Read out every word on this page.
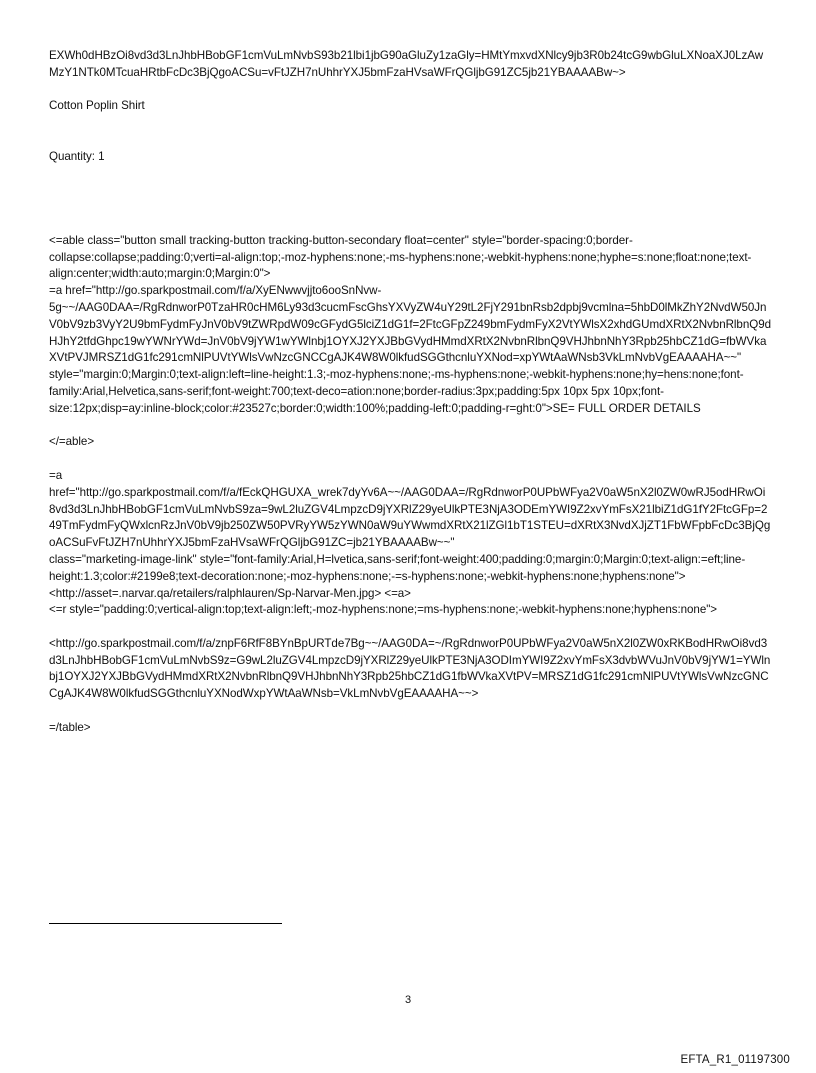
EXWh0dHBzOi8vd3d3LnJhbHBobGF1cmVuLmNvbS93b21lbi1jbG90aGluZy1zaGly=HMtYmxvdXNlcy9jb3R0b24tcG9wbGluLXNoaXJ0LzAwMzY1NTk0MTcuaHRtbFcDc3BjQgoACSu=vFtJZH7nUhhrYXJ5bmFzaHVsaWFrQGljbG91ZC5jb21YBAAAABw~>

Cotton Poplin Shirt

Quantity: 1

<=able class="button small tracking-button tracking-button-secondary float=center" style="border-spacing:0;border-collapse:collapse;padding:0;verti=al-align:top;-moz-hyphens:none;-ms-hyphens:none;-webkit-hyphens:none;hyphe=s:none;float:none;text-align:center;width:auto;margin:0;Margin:0">

=a href="http://go.sparkpostmail.com/f/a/XyENwwvjjto6ooSnNvw-5g~~/AAG0DAA=/RgRdnworP0TzaHR0cHM6Ly93d3cucmFscGhsYXVyZW4uY29tL2FjY291bnRsb2dpbj9vcmlna=5hbD0lMkZhY2NvdW50JnV0bV9zb3VyY2U9bmFydmFyJnV0bV9tZWRpdW09cGFydG5lciZ1dG1f=2FtcGFpZ249bmFydmFyX2VtYWlsX2xhdGUmdXRtX2NvbnRlbnQ9dHJhY2tfdGhpc19wYWNrYWd=JnV0bV9jYW1wYWlnbj1OYXJ2YXJBbGVydHMmdXRtX2NvbnRlbnQ9VHJhbnNhY3Rpb25hbCZ1dG=fbWVkaXVtPVJMRSZ1dG1fc291cmNlPUVtYWlsVwNzcGNCCgAJK4W8W0lkfudSGGthcnluYXNod=xpYWtAaWNsb3VkLmNvbVgEAAAAHA~~" style="margin:0;Margin:0;text-align:left=line-height:1.3;-moz-hyphens:none;-ms-hyphens:none;-webkit-hyphens:none;hy=hens:none;font-family:Arial,Helvetica,sans-serif;font-weight:700;text-deco=ation:none;border-radius:3px;padding:5px 10px 5px 10px;font-size:12px;disp=ay:inline-block;color:#23527c;border:0;width:100%;padding-left:0;padding-r=ght:0">SE= FULL ORDER DETAILS

</=able>

=a

href="http://go.sparkpostmail.com/f/a/fEckQHGUXA_wrek7dyYv6A~~/AAG0DAA=/RgRdnworP0UPbWFya2V0aW5nX2l0ZW0wRJ5odHRwOi8vd3d3LnJhbHBobGF1cmVuLmNvbS9za=9wL2luZGV4LmpzcD9jYXRlZ29yeUlkPTE3NjA3ODEmYWI9Z2xvYmFsX21lbiZ1dG1fY2FtcGFp=249TmFydmFyQWxlcnRzJnV0bV9jb250ZW50PVRyYW5zYWN0aW9uYWwmdXRtX21lZGl1bT1STEU=dXRtX3NvdXJjZT1FbWFpbFcDc3BjQgoACSuFvFtJZH7nUhhrYXJ5bmFzaHVsaWFrQGljbG91ZC=jb21YBAAAABw~~"

class="marketing-image-link" style="font-family:Arial,H=lvetica,sans-serif;font-weight:400;padding:0;margin:0;Margin:0;text-align:=eft;line-height:1.3;color:#2199e8;text-decoration:none;-moz-hyphens:none;-=s-hyphens:none;-webkit-hyphens:none;hyphens:none">

<http://asset=.narvar.qa/retailers/ralphlauren/Sp-Narvar-Men.jpg> <=a>

<=r style="padding:0;vertical-align:top;text-align:left;-moz-hyphens:none;=ms-hyphens:none;-webkit-hyphens:none;hyphens:none">

<http://go.sparkpostmail.com/f/a/znpF6RfF8BYnBpURTde7Bg~~/AAG0DA=~/RgRdnworP0UPbWFya2V0aW5nX2l0ZW0xRKBodHRwOi8vd3d3LnJhbHBobGF1cmVuLmNvbS9z=G9wL2luZGV4LmpzcD9jYXRlZ29yeUlkPTE3NjA3ODImYWI9Z2xvYmFsX3dvbWVuJnV0bV9jYW1=YWlnbj1OYXJ2YXJBbGVydHMmdXRtX2NvbnRlbnQ9VHJhbnNhY3Rpb25hbCZ1dG1fbWVkaXVtPV=MRSZ1dG1fc291cmNlPUVtYWlsVwNzcGNCCgAJK4W8W0lkfudSGGthcnluYXNodWxpYWtAaWNsb=VkLmNvbVgEAAAAHA~~>

=/table>

3
EFTA_R1_01197300
